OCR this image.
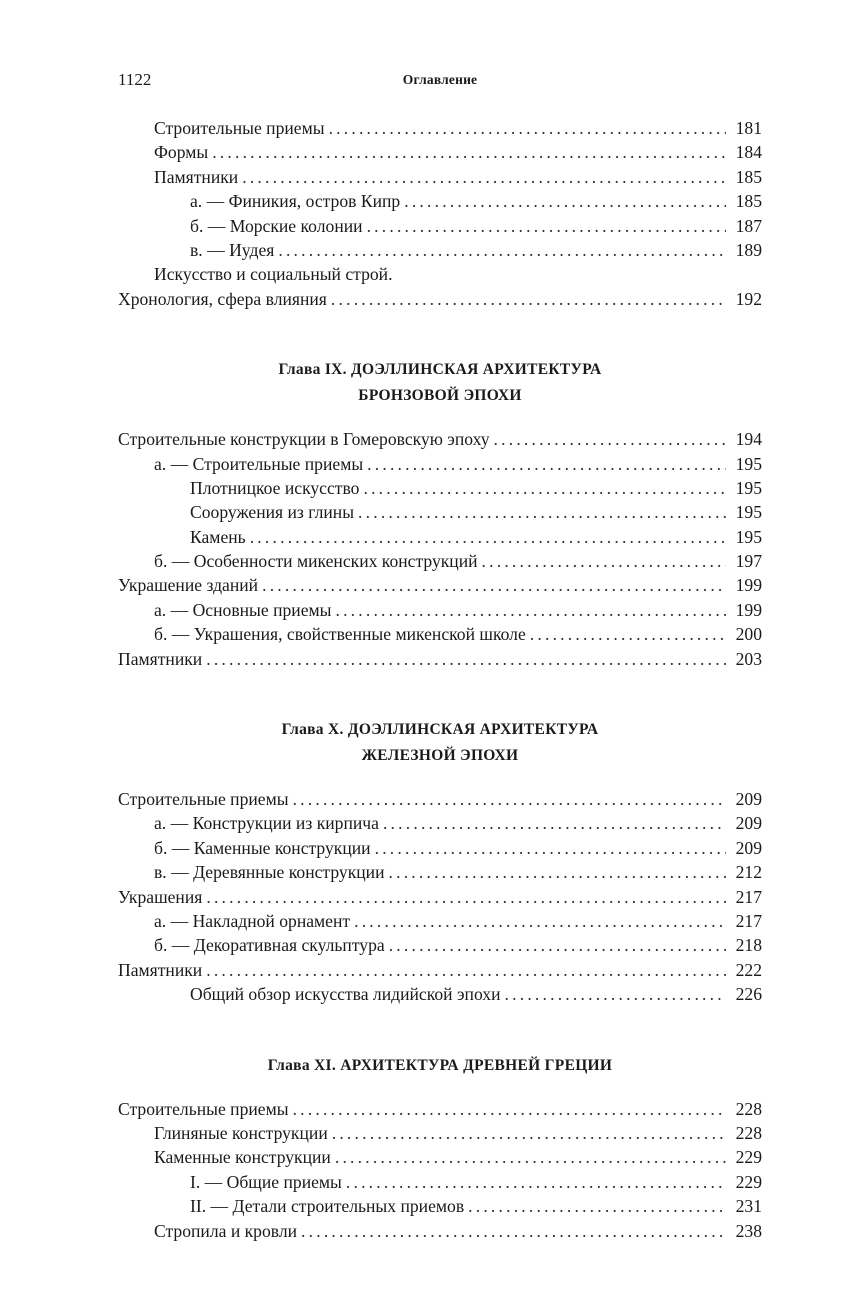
1122	Оглавление
Строительные приемы . . .	181
Формы . . .	184
Памятники . . .	185
а. — Финикия, остров Кипр . . .	185
б. — Морские колонии . . .	187
в. — Иудея . . .	189
Искусство и социальный строй.
Хронология, сфера влияния . . .	192
Глава IX. ДОЭЛЛИНСКАЯ АРХИТЕКТУРА
БРОНЗОВОЙ ЭПОХИ
Строительные конструкции в Гомеровскую эпоху . . .	194
а. — Строительные приемы . . .	195
Плотницкое искусство . . .	195
Сооружения из глины . . .	195
Камень . . .	195
б. — Особенности микенских конструкций . . .	197
Украшение зданий . . .	199
а. — Основные приемы . . .	199
б. — Украшения, свойственные микенской школе . . .	200
Памятники . . .	203
Глава X. ДОЭЛЛИНСКАЯ АРХИТЕКТУРА
ЖЕЛЕЗНОЙ ЭПОХИ
Строительные приемы . . .	209
а. — Конструкции из кирпича . . .	209
б. — Каменные конструкции . . .	209
в. — Деревянные конструкции . . .	212
Украшения . . .	217
а. — Накладной орнамент . . .	217
б. — Декоративная скульптура . . .	218
Памятники . . .	222
Общий обзор искусства лидийской эпохи . . .	226
Глава XI. АРХИТЕКТУРА ДРЕВНЕЙ ГРЕЦИИ
Строительные приемы . . .	228
Глиняные конструкции . . .	228
Каменные конструкции . . .	229
I. — Общие приемы . . .	229
II. — Детали строительных приемов . . .	231
Стропила и кровли . . .	238
